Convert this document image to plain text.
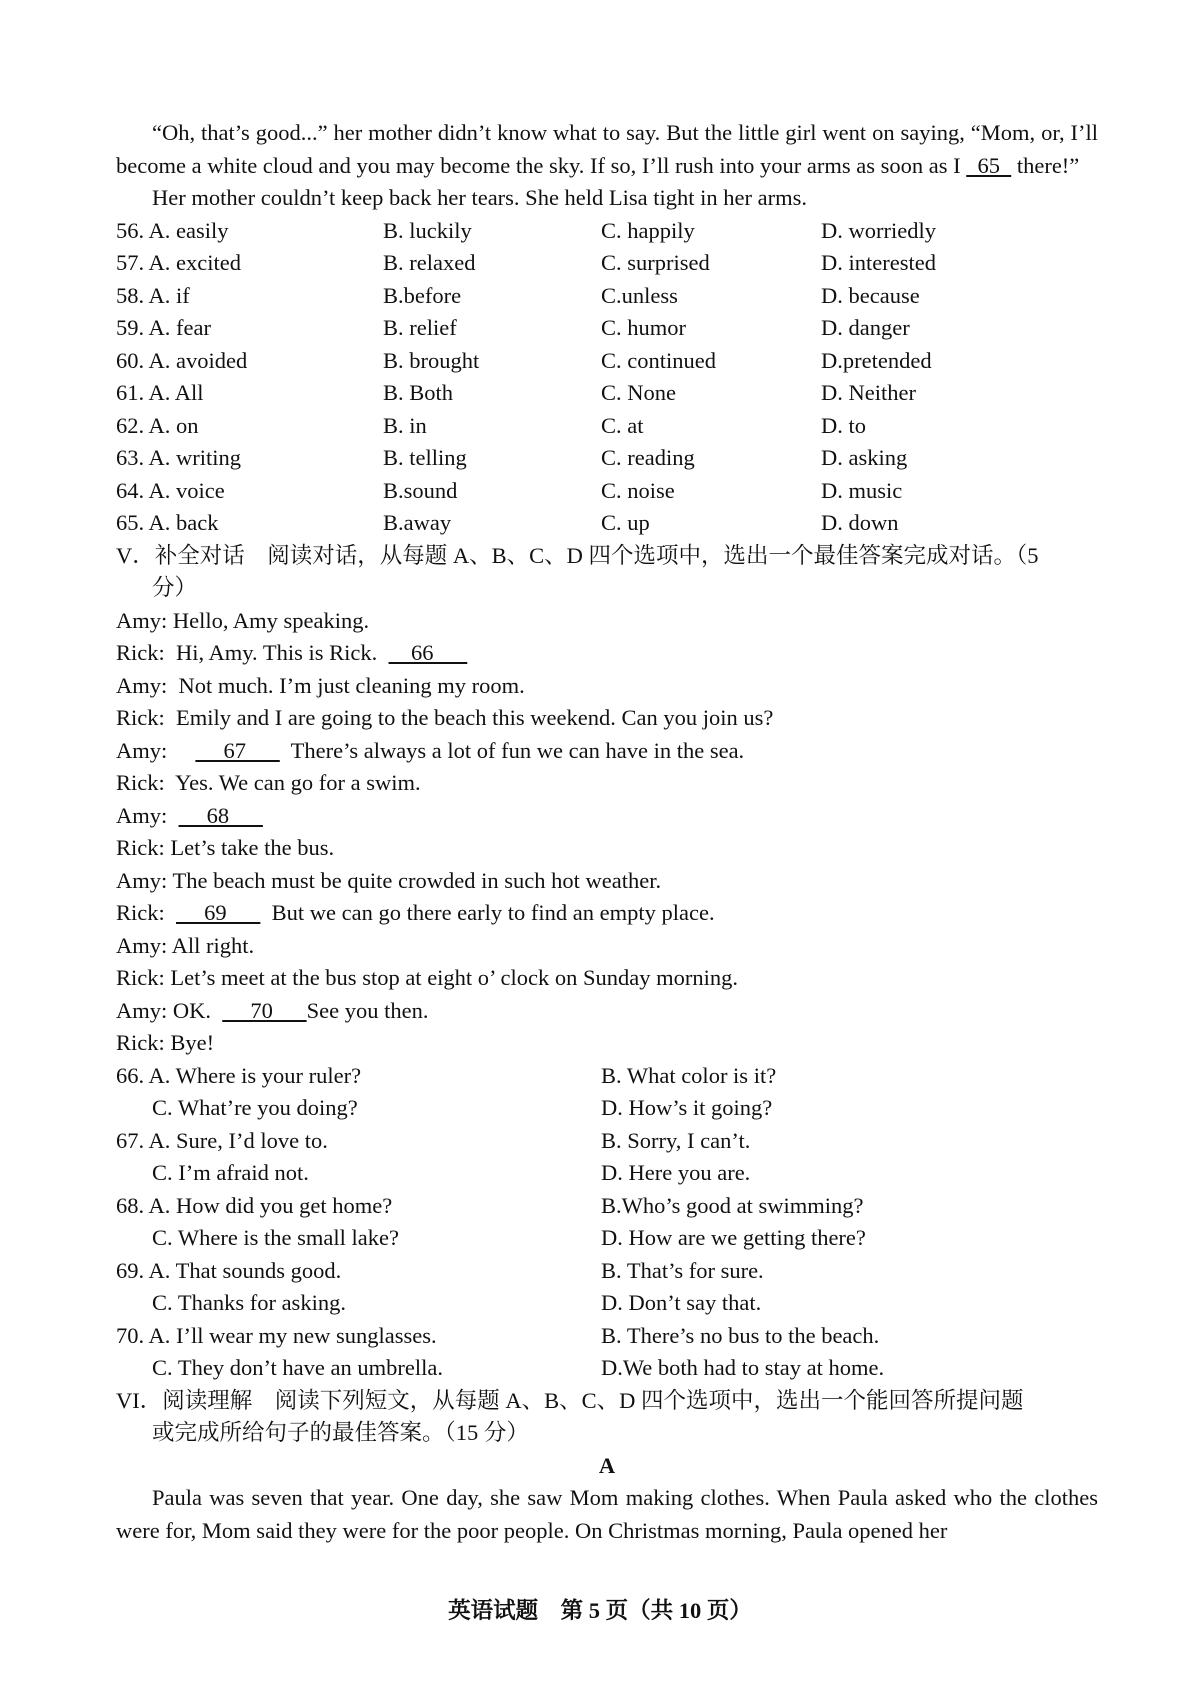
“Oh, that’s good...” her mother didn’t know what to say. But the little girl went on saying, “Mom, or, I’ll become a white cloud and you may become the sky. If so, I’ll rush into your arms as soon as I   65   there!”

Her mother couldn’t keep back her tears. She held Lisa tight in her arms.

56. A. easily	B. luckily	C. happily	D. worriedly
57. A. excited	B. relaxed	C. surprised	D. interested
58. A. if	B.before	C.unless	D. because
59. A. fear	B. relief	C. humor	D. danger
60. A. avoided	B. brought	C. continued	D.pretended
61. A. All	B. Both	C. None	D. Neither
62. A. on	B. in	C. at	D. to
63. A. writing	B. telling	C. reading	D. asking
64. A. voice	B.sound	C. noise	D. music
65. A. back	B.away	C. up	D. down

V．补全对话　阅读对话，从每题 A、B、C、D 四个选项中，选出一个最佳答案完成对话。（5

分）

Amy: Hello, Amy speaking.
Rick:  Hi, Amy. This is Rick.      66
Amy:  Not much. I’m just cleaning my room.
Rick:  Emily and I are going to the beach this weekend. Can you join us?
Amy:          67        There’s always a lot of fun we can have in the sea.
Rick:  Yes. We can go for a swim.
Amy:       68
Rick: Let’s take the bus.
Amy: The beach must be quite crowded in such hot weather.
Rick:       69        But we can go there early to find an empty place.
Amy: All right.
Rick: Let’s meet at the bus stop at eight o’ clock on Sunday morning.
Amy: OK.       70      See you then.
Rick: Bye!
66. A. Where is your ruler?	B. What color is it?
C. What’re you doing?	D. How’s it going?
67. A. Sure, I’d love to.	B. Sorry, I can’t.
C. I’m afraid not.	D. Here you are.
68. A. How did you get home?	B.Who’s good at swimming?
C. Where is the small lake?	D. How are we getting there?
69. A. That sounds good.	B. That’s for sure.
C. Thanks for asking.	D. Don’t say that.
70. A. I’ll wear my new sunglasses.	B. There’s no bus to the beach.
C. They don’t have an umbrella.	D.We both had to stay at home.

VI．阅读理解　阅读下列短文，从每题 A、B、C、D 四个选项中，选出一个能回答所提问题

或完成所给句子的最佳答案。（15 分）

A

Paula was seven that year. One day, she saw Mom making clothes. When Paula asked who the clothes were for, Mom said they were for the poor people. On Christmas morning, Paula opened her

英语试题　第 5 页（共 10 页）
